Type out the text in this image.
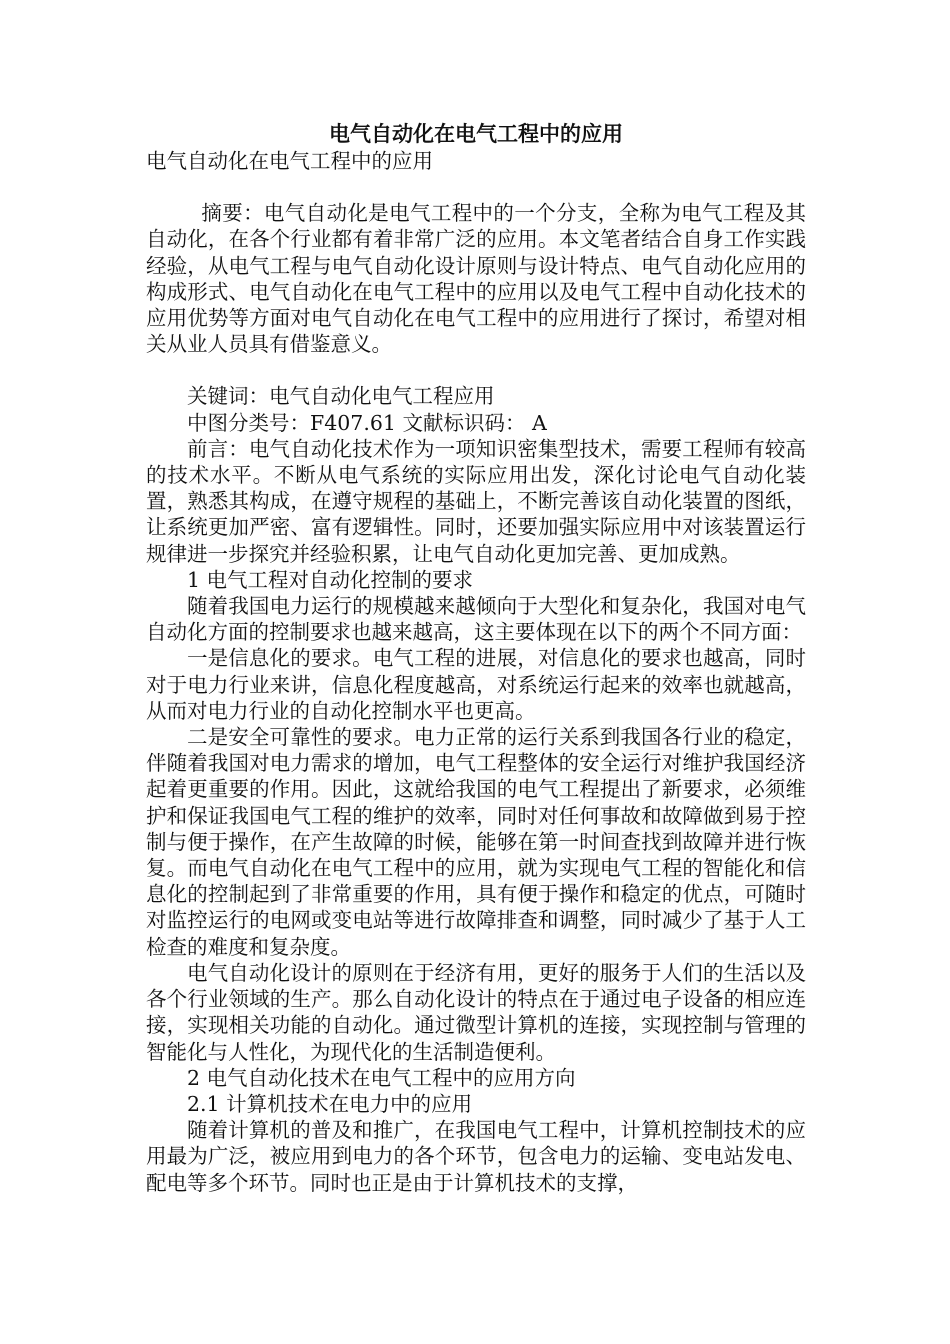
电气自动化在电气工程中的应用
电气自动化在电气工程中的应用

摘要：电气自动化是电气工程中的一个分支，全称为电气工程及其自动化，在各个行业都有着非常广泛的应用。本文笔者结合自身工作实践经验，从电气工程与电气自动化设计原则与设计特点、电气自动化应用的构成形式、电气自动化在电气工程中的应用以及电气工程中自动化技术的应用优势等方面对电气自动化在电气工程中的应用进行了探讨，希望对相关从业人员具有借鉴意义。

关键词：电气自动化电气工程应用

中图分类号：F407.61 文献标识码： A

前言：电气自动化技术作为一项知识密集型技术，需要工程师有较高的技术水平。不断从电气系统的实际应用出发，深化讨论电气自动化装置，熟悉其构成，在遵守规程的基础上，不断完善该自动化装置的图纸，让系统更加严密、富有逻辑性。同时，还要加强实际应用中对该装置运行规律进一步探究并经验积累，让电气自动化更加完善、更加成熟。

1 电气工程对自动化控制的要求

随着我国电力运行的规模越来越倾向于大型化和复杂化，我国对电气自动化方面的控制要求也越来越高，这主要体现在以下的两个不同方面：

一是信息化的要求。电气工程的进展，对信息化的要求也越高，同时对于电力行业来讲，信息化程度越高，对系统运行起来的效率也就越高，从而对电力行业的自动化控制水平也更高。

二是安全可靠性的要求。电力正常的运行关系到我国各行业的稳定，伴随着我国对电力需求的增加，电气工程整体的安全运行对维护我国经济起着更重要的作用。因此，这就给我国的电气工程提出了新要求，必须维护和保证我国电气工程的维护的效率，同时对任何事故和故障做到易于控制与便于操作，在产生故障的时候，能够在第一时间查找到故障并进行恢复。而电气自动化在电气工程中的应用，就为实现电气工程的智能化和信息化的控制起到了非常重要的作用，具有便于操作和稳定的优点，可随时对监控运行的电网或变电站等进行故障排查和调整，同时减少了基于人工检查的难度和复杂度。

电气自动化设计的原则在于经济有用，更好的服务于人们的生活以及各个行业领域的生产。那么自动化设计的特点在于通过电子设备的相应连接，实现相关功能的自动化。通过微型计算机的连接，实现控制与管理的智能化与人性化，为现代化的生活制造便利。

2 电气自动化技术在电气工程中的应用方向

2.1 计算机技术在电力中的应用

随着计算机的普及和推广，在我国电气工程中，计算机控制技术的应用最为广泛，被应用到电力的各个环节，包含电力的运输、变电站发电、配电等多个环节。同时也正是由于计算机技术的支撑，
